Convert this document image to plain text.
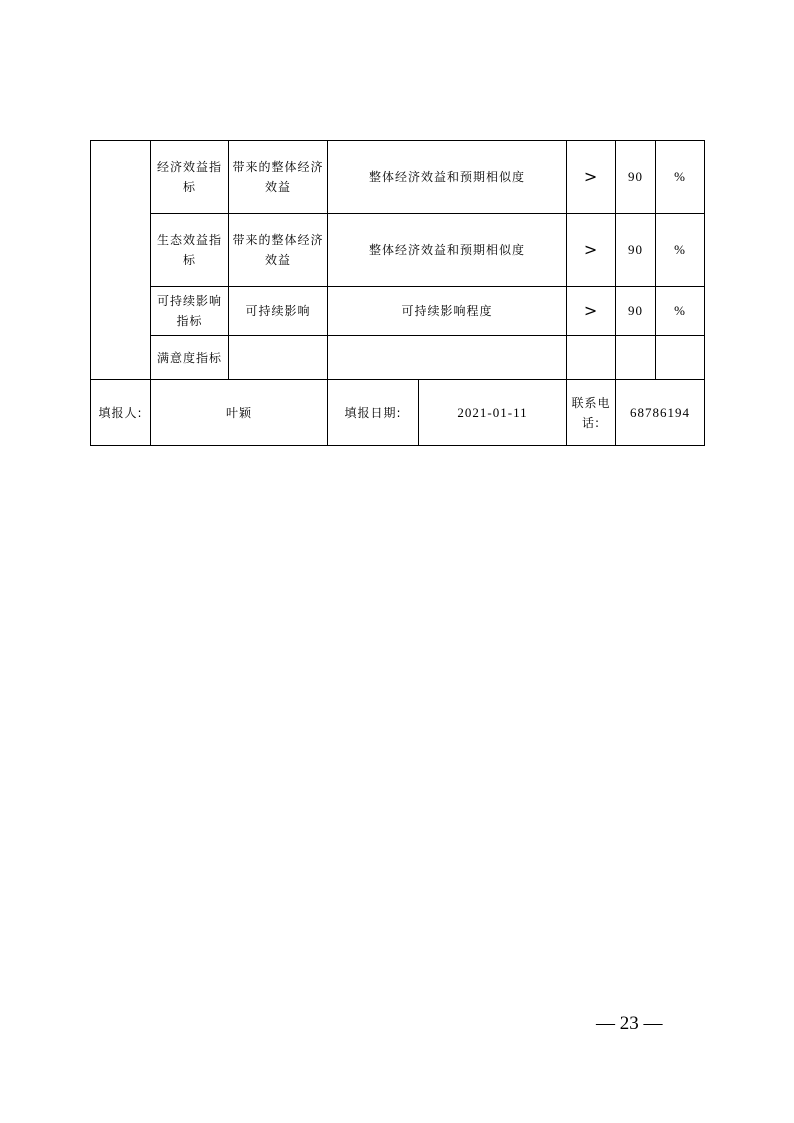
	经济效益指标	带来的整体经济效益	整体经济效益和预期相似度		>	90	%
	生态效益指标	带来的整体经济效益	整体经济效益和预期相似度		>	90	%
	可持续影响指标	可持续影响	可持续影响程度		>	90	%
	满意度指标						
填报人:	叶颖		填报日期:	2021-01-11	联系电话:	68786194	
— 23 —
